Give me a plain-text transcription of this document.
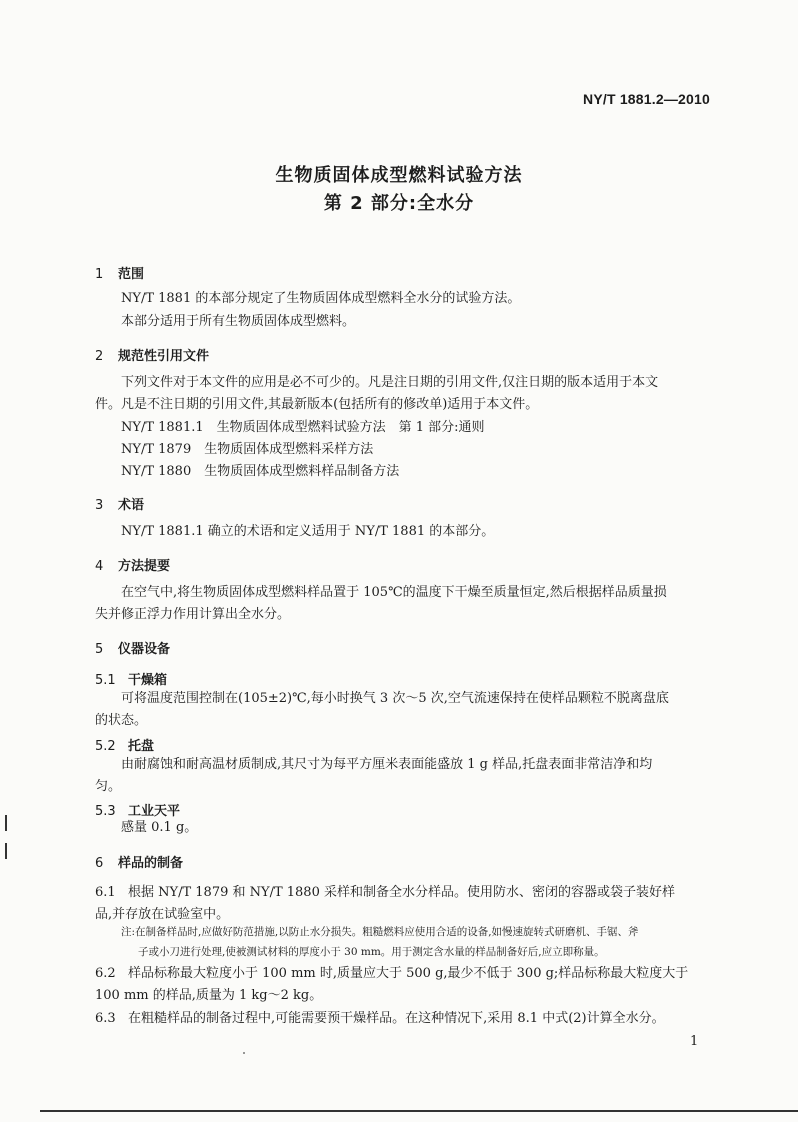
NY/T 1881.2—2010
生物质固体成型燃料试验方法
第 2 部分:全水分
1 范围
NY/T 1881 的本部分规定了生物质固体成型燃料全水分的试验方法。
本部分适用于所有生物质固体成型燃料。
2 规范性引用文件
下列文件对于本文件的应用是必不可少的。凡是注日期的引用文件,仅注日期的版本适用于本文
件。凡是不注日期的引用文件,其最新版本(包括所有的修改单)适用于本文件。
NY/T 1881.1　生物质固体成型燃料试验方法　第 1 部分:通则
NY/T 1879　生物质固体成型燃料采样方法
NY/T 1880　生物质固体成型燃料样品制备方法
3 术语
NY/T 1881.1 确立的术语和定义适用于 NY/T 1881 的本部分。
4 方法提要
在空气中,将生物质固体成型燃料样品置于 105℃的温度下干燥至质量恒定,然后根据样品质量损
失并修正浮力作用计算出全水分。
5 仪器设备
5.1 干燥箱
可将温度范围控制在(105±2)℃,每小时换气 3 次～5 次,空气流速保持在使样品颗粒不脱离盘底
的状态。
5.2 托盘
由耐腐蚀和耐高温材质制成,其尺寸为每平方厘米表面能盛放 1 g 样品,托盘表面非常洁净和均
匀。
5.3 工业天平
感量 0.1 g。
6 样品的制备
6.1 根据 NY/T 1879 和 NY/T 1880 采样和制备全水分样品。使用防水、密闭的容器或袋子装好样
品,并存放在试验室中。
注:在制备样品时,应做好防范措施,以防止水分损失。粗糙燃料应使用合适的设备,如慢速旋转式研磨机、手锯、斧
子或小刀进行处理,使被测试材料的厚度小于 30 mm。用于测定含水量的样品制备好后,应立即称量。
6.2 样品标称最大粒度小于 100 mm 时,质量应大于 500 g,最少不低于 300 g;样品标称最大粒度大于
100 mm 的样品,质量为 1 kg～2 kg。
6.3 在粗糙样品的制备过程中,可能需要预干燥样品。在这种情况下,采用 8.1 中式(2)计算全水分。
1
